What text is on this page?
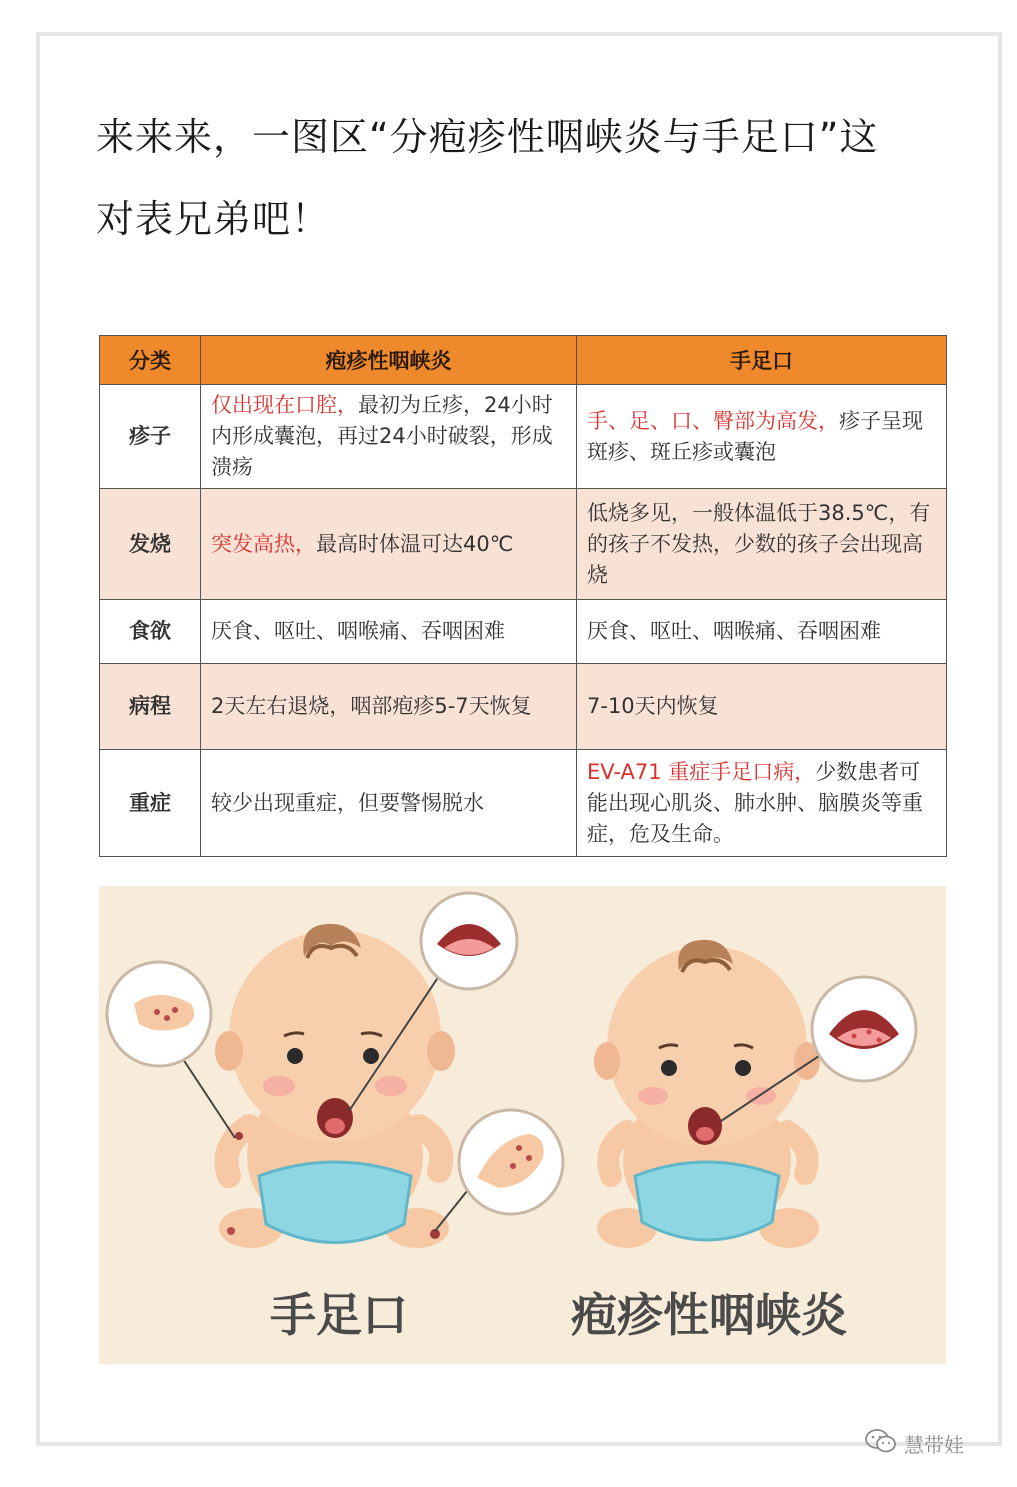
来来来，一图区“分疱疹性咽峡炎与手足口”这
对表兄弟吧！
分类	疱疹性咽峡炎	手足口
疹子	仅出现在口腔，最初为丘疹，24小时内形成囊泡，再过24小时破裂，形成溃疡	手、足、口、臀部为高发，疹子呈现斑疹、斑丘疹或囊泡
发烧	突发高热，最高时体温可达40℃	低烧多见，一般体温低于38.5℃，有的孩子不发热，少数的孩子会出现高烧
食欲	厌食、呕吐、咽喉痛、吞咽困难	厌食、呕吐、咽喉痛、吞咽困难
病程	2天左右退烧，咽部疱疹5-7天恢复	7-10天内恢复
重症	较少出现重症，但要警惕脱水	EV-A71 重症手足口病，少数患者可能出现心肌炎、肺水肿、脑膜炎等重症，危及生命。
手足口	疱疹性咽峡炎
慧带娃
